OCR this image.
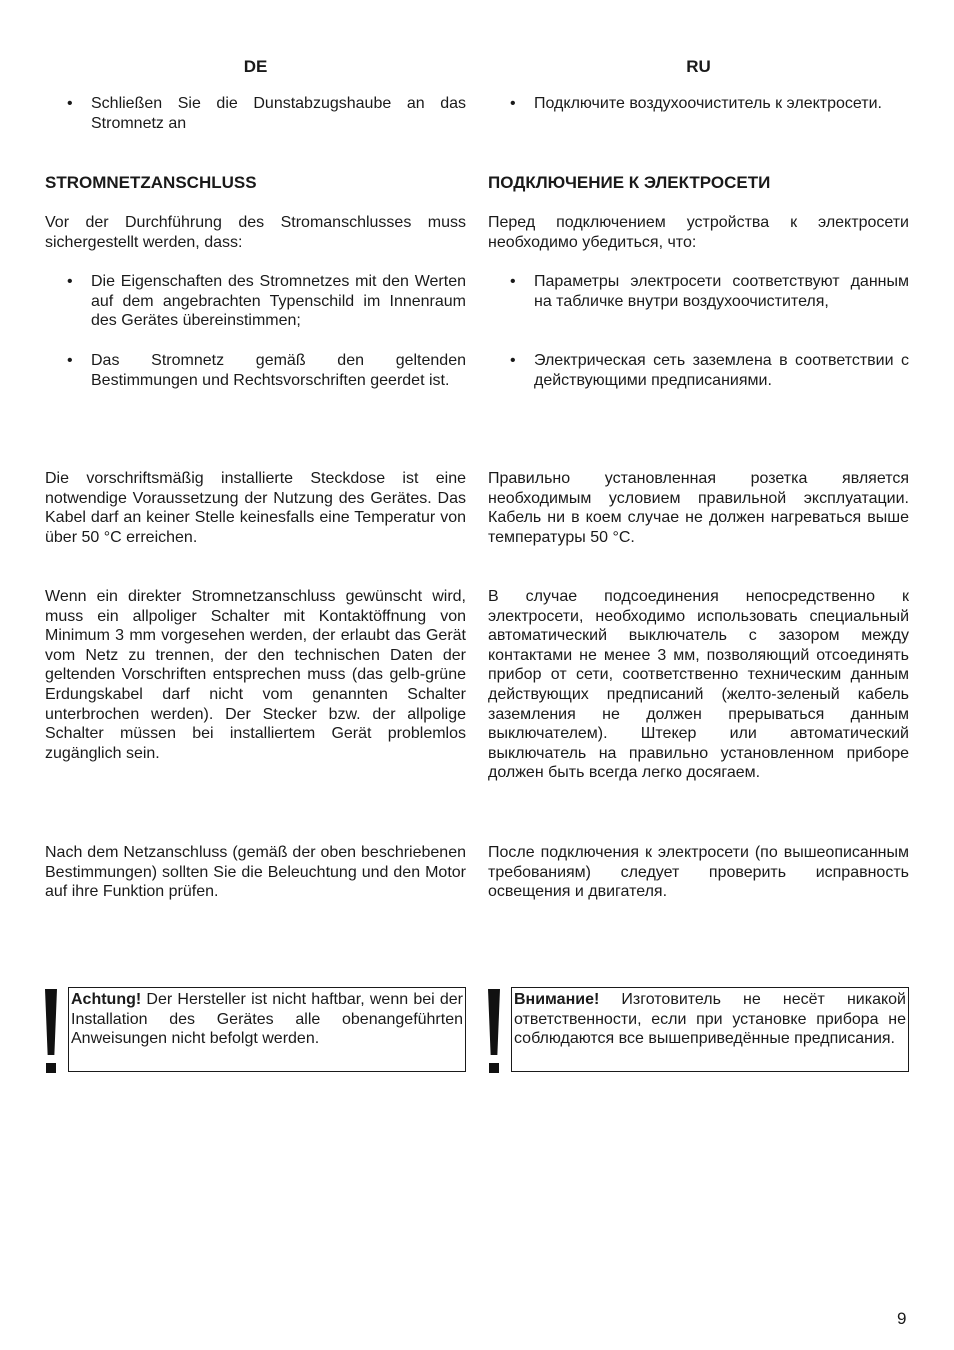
DE
• Schließen Sie die Dunstabzugshaube an das Stromnetz an
STROMNETZANSCHLUSS
Vor der Durchführung des Stromanschlusses muss sichergestellt werden, dass:
• Die Eigenschaften des Stromnetzes mit den Werten auf dem angebrachten Typenschild im Innenraum des Gerätes übereinstimmen;
• Das Stromnetz gemäß den geltenden Bestimmungen und Rechtsvorschriften geerdet ist.
Die vorschriftsmäßig installierte Steckdose ist eine notwendige Voraussetzung der Nutzung des Gerätes. Das Kabel darf an keiner Stelle keinesfalls eine Temperatur von über 50 °C erreichen.
Wenn ein direkter Stromnetzanschluss gewünscht wird, muss ein allpoliger Schalter mit Kontaktöffnung von Minimum 3 mm vorgesehen werden, der erlaubt das Gerät vom Netz zu trennen, der den technischen Daten der geltenden Vorschriften entsprechen muss (das gelb-grüne Erdungskabel darf nicht vom genannten Schalter unterbrochen werden). Der Stecker bzw. der allpolige Schalter müssen bei installiertem Gerät problemlos zugänglich sein.
Nach dem Netzanschluss (gemäß der oben beschriebenen Bestimmungen) sollten Sie die Beleuchtung und den Motor auf ihre Funktion prüfen.
Achtung! Der Hersteller ist nicht haftbar, wenn bei der Installation des Gerätes alle obenangeführten Anweisungen nicht befolgt werden.
RU
• Подключите воздухоочиститель к электросети.
ПОДКЛЮЧЕНИЕ К ЭЛЕКТРОСЕТИ
Перед подключением устройства к электросети необходимо убедиться, что:
• Параметры электросети соответствуют данным на табличке внутри воздухоочистителя,
• Электрическая сеть заземлена в соответствии с действующими предписаниями.
Правильно установленная розетка является необходимым условием правильной эксплуатации. Кабель ни в коем случае не должен нагреваться выше температуры 50 °C.
В случае подсоединения непосредственно к электросети, необходимо использовать специальный автоматический выключатель с зазором между контактами не менее 3 мм, позволяющий отсоединять прибор от сети, соответственно техническим данным действующих предписаний (желто-зеленый кабель заземления не должен прерываться данным выключателем). Штекер или автоматический выключатель на правильно установленном приборе должен быть всегда легко досягаем.
После подключения к электросети (по вышеописанным требованиям) следует проверить исправность освещения и двигателя.
Внимание! Изготовитель не несёт никакой ответственности, если при установке прибора не соблюдаются все вышеприведённые предписания.
9
